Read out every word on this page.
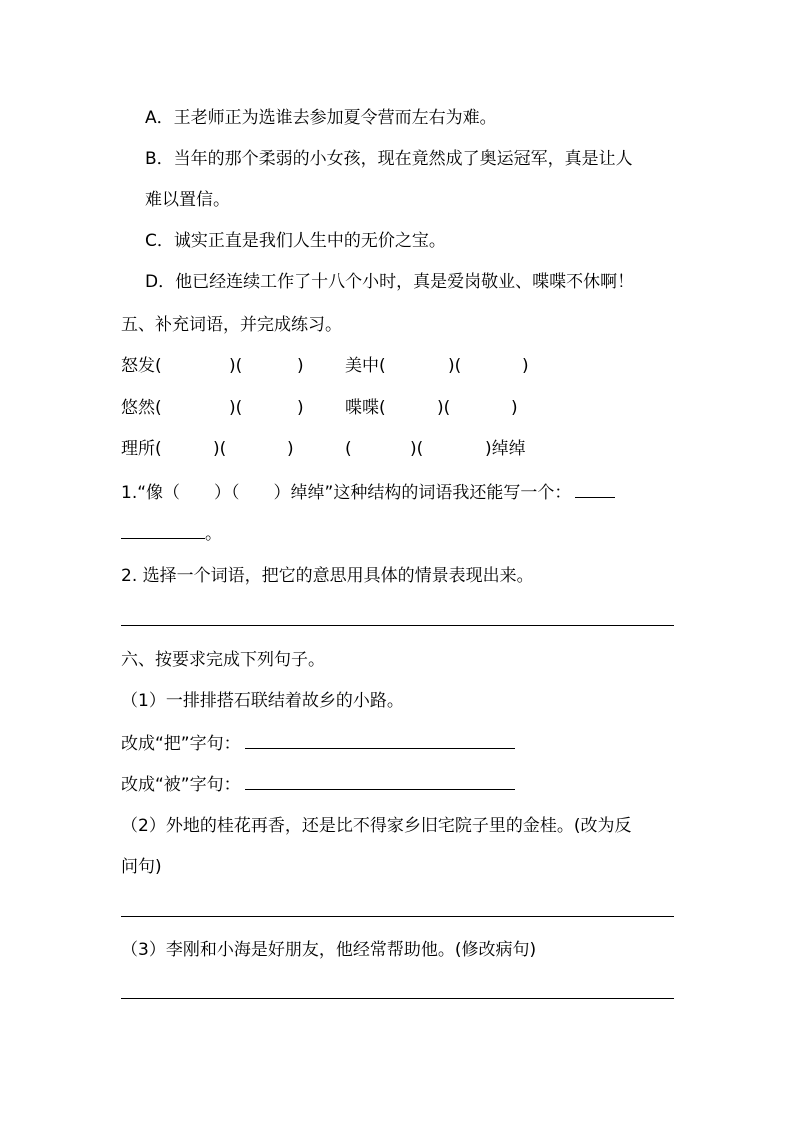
A．王老师正为选谁去参加夏令营而左右为难。
B．当年的那个柔弱的小女孩，现在竟然成了奥运冠军，真是让人
难以置信。
C．诚实正直是我们人生中的无价之宝。
D．他已经连续工作了十八个小时，真是爱岗敬业、喋喋不休啊！
五、补充词语，并完成练习。
怒发(	)(	) 美中(	)(	)
悠然(	)(	) 喋喋(	)(	)
理所(	)(	)	(	)(	)绰绰
1.“像（　　）（　　）绰绰”这种结构的词语我还能写一个：
。
2. 选择一个词语，把它的意思用具体的情景表现出来。
六、按要求完成下列句子。
（1）一排排搭石联结着故乡的小路。
改成“把”字句：
改成“被”字句：
（2）外地的桂花再香，还是比不得家乡旧宅院子里的金桂。(改为反
问句)
（3）李刚和小海是好朋友，他经常帮助他。(修改病句)
